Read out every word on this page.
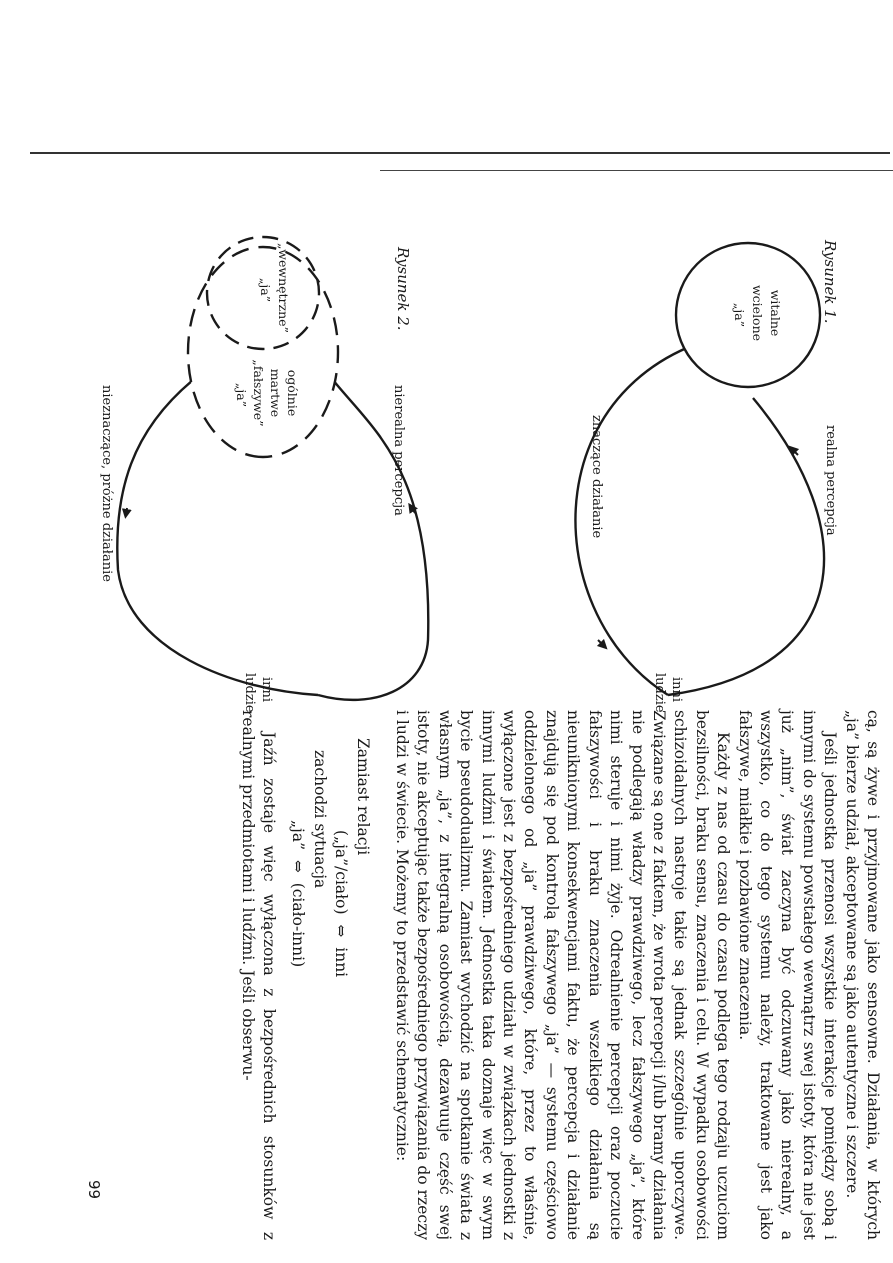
Rysunek 1.
witalne wcielone „ja”
realna percepcja
znaczące działanie
inni ludzie
Rysunek 2.
„wewnętrzne” „ja”
ogólnie martwe „fałszywe” „ja”	nierealna percepcja
nieznaczące, próżne działanie
inni ludzie

cą, są żywe i przyjmowane jako sensowne. Działania, w których „ja” bierze udział, akceptowane są jako autentyczne i szczere.

Jeśli jednostka przenosi wszystkie interakcje pomiędzy sobą i innymi do systemu powstałego wewnątrz swej istoty, która nie jest już „nim”, świat zaczyna być odczuwany jako nierealny, a wszystko, co do tego systemu należy, traktowane jest jako fałszywe, miałkie i pozbawione znaczenia.

Każdy z nas od czasu do czasu podlega tego rodzaju uczuciom bezsilności, braku sensu, znaczenia i celu. W wypadku osobowości schizoidalnych nastroje takie są jednak szczególnie uporczywe. Związane są one z faktem, że wrota percepcji i/lub bramy działania nie podlegają władzy prawdziwego, lecz fałszywego „ja”, które nimi steruje i nimi żyje. Odrealnienie percepcji oraz poczucie fałszywości i braku znaczenia wszelkiego działania są nieuniknionymi konsekwencjami faktu, że percepcja i działanie znajdują się pod kontrolą fałszywego „ja” — systemu częściowo oddzielonego od „ja” prawdziwego, które, przez to właśnie, wyłączone jest z bezpośredniego udziału w związkach jednostki z innymi ludźmi i światem. Jednostka taka doznaje więc w swym bycie pseudodualizmu. Zamiast wychodzić na spotkanie świata z własnym „ja”, z integralną osobowością, dezawuuje część swej istoty, nie akceptując także bezpośredniego przywiązania do rzeczy i ludzi w świecie. Możemy to przedstawić schematycznie:

Zamiast relacji
(„ja”/ciało)  ⇔  inni
zachodzi sytuacja
„ja”  ⇔  (ciało-inni)

Jaźń zostaje więc wyłączona z bezpośrednich stosunków z realnymi przedmiotami i ludźmi. Jeśli obserwu-

99
